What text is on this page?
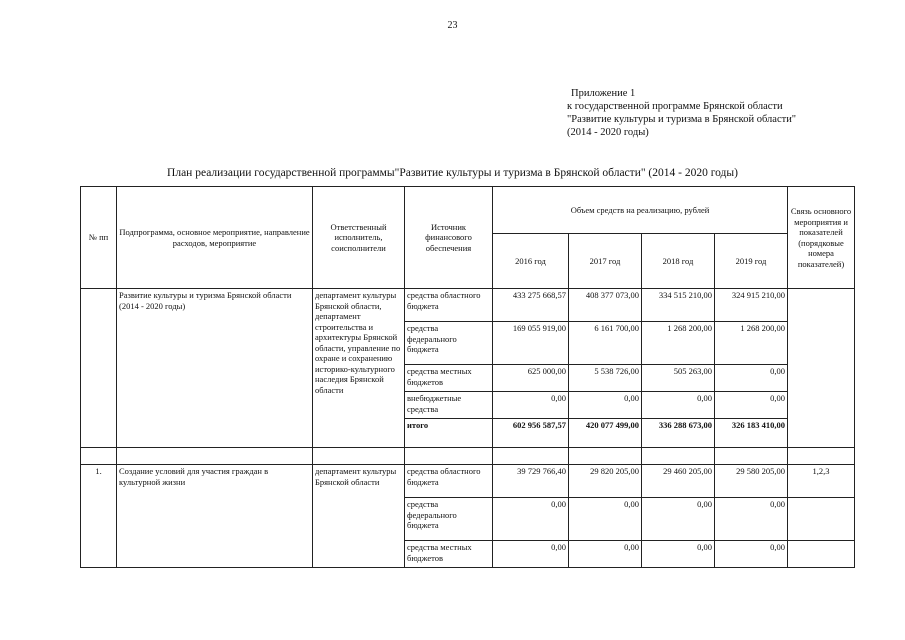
23
Приложение 1
к государственной программе Брянской области
"Развитие культуры и туризма в Брянской области"
(2014 - 2020 годы)
План реализации государственной программы"Развитие культуры и туризма в Брянской области" (2014 - 2020 годы)
№ пп	Подпрограмма, основное мероприятие, направление расходов, мероприятие	Ответственный исполнитель, соисполнители	Источник финансового обеспечения	Объем средств на реализацию, рублей				Связь основного мероприятия и показателей (порядковые номера показателей)
				2016 год	2017 год	2018 год	2019 год	
	Развитие культуры и туризма Брянской области (2014 - 2020 годы)	департамент культуры Брянской области, департамент строительства и архитектуры Брянской области, управление по охране и сохранению историко-культурного наследия Брянской области	средства областного бюджета	433 275 668,57	408 377 073,00	334 515 210,00	324 915 210,00	
			средства федерального бюджета	169 055 919,00	6 161 700,00	1 268 200,00	1 268 200,00	
			средства местных бюджетов	625 000,00	5 538 726,00	505 263,00	0,00	
			внебюджетные средства	0,00	0,00	0,00	0,00	
			итого	602 956 587,57	420 077 499,00	336 288 673,00	326 183 410,00	

1.	Создание условий для участия граждан в культурной жизни	департамент культуры Брянской области	средства областного бюджета	39 729 766,40	29 820 205,00	29 460 205,00	29 580 205,00	1,2,3
			средства федерального бюджета	0,00	0,00	0,00	0,00	
			средства местных бюджетов	0,00	0,00	0,00	0,00	
